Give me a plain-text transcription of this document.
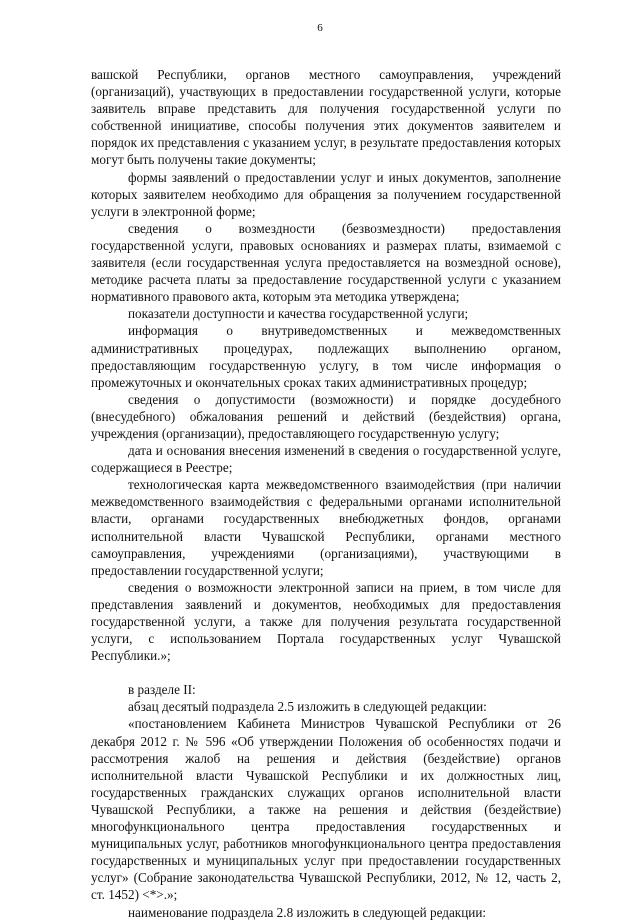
6

вашской Республики, органов местного самоуправления, учреждений (организаций), участвующих в предоставлении государственной услуги, которые заявитель вправе представить для получения государственной услуги по собственной инициативе, способы получения этих документов заявителем и порядок их представления с указанием услуг, в результате предоставления которых могут быть получены такие документы;

формы заявлений о предоставлении услуг и иных документов, заполнение которых заявителем необходимо для обращения за получением государственной услуги в электронной форме;

сведения о возмездности (безвозмездности) предоставления государственной услуги, правовых основаниях и размерах платы, взимаемой с заявителя (если государственная услуга предоставляется на возмездной основе), методике расчета платы за предоставление государственной услуги с указанием нормативного правового акта, которым эта методика утверждена;

показатели доступности и качества государственной услуги;

информация о внутриведомственных и межведомственных административных процедурах, подлежащих выполнению органом, предоставляющим государственную услугу, в том числе информация о промежуточных и окончательных сроках таких административных процедур;

сведения о допустимости (возможности) и порядке досудебного (внесудебного) обжалования решений и действий (бездействия) органа, учреждения (организации), предоставляющего государственную услугу;

дата и основания внесения изменений в сведения о государственной услуге, содержащиеся в Реестре;

технологическая карта межведомственного взаимодействия (при наличии межведомственного взаимодействия с федеральными органами исполнительной власти, органами государственных внебюджетных фондов, органами исполнительной власти Чувашской Республики, органами местного самоуправления, учреждениями (организациями), участвующими в предоставлении государственной услуги;

сведения о возможности электронной записи на прием, в том числе для представления заявлений и документов, необходимых для предоставления государственной услуги, а также для получения результата государственной услуги, с использованием Портала государственных услуг Чувашской Республики.»;

в разделе II:

абзац десятый подраздела 2.5 изложить в следующей редакции:

«постановлением Кабинета Министров Чувашской Республики от 26 декабря 2012 г. № 596 «Об утверждении Положения об особенностях подачи и рассмотрения жалоб на решения и действия (бездействие) органов исполнительной власти Чувашской Республики и их должностных лиц, государственных гражданских служащих органов исполнительной власти Чувашской Республики, а также на решения и действия (бездействие) многофункционального центра предоставления государственных и муниципальных услуг, работников многофункционального центра предоставления государственных и муниципальных услуг при предоставлении государственных услуг» (Собрание законодательства Чувашской Республики, 2012, № 12, часть 2, ст. 1452) <*>.»;

наименование подраздела 2.8 изложить в следующей редакции:
